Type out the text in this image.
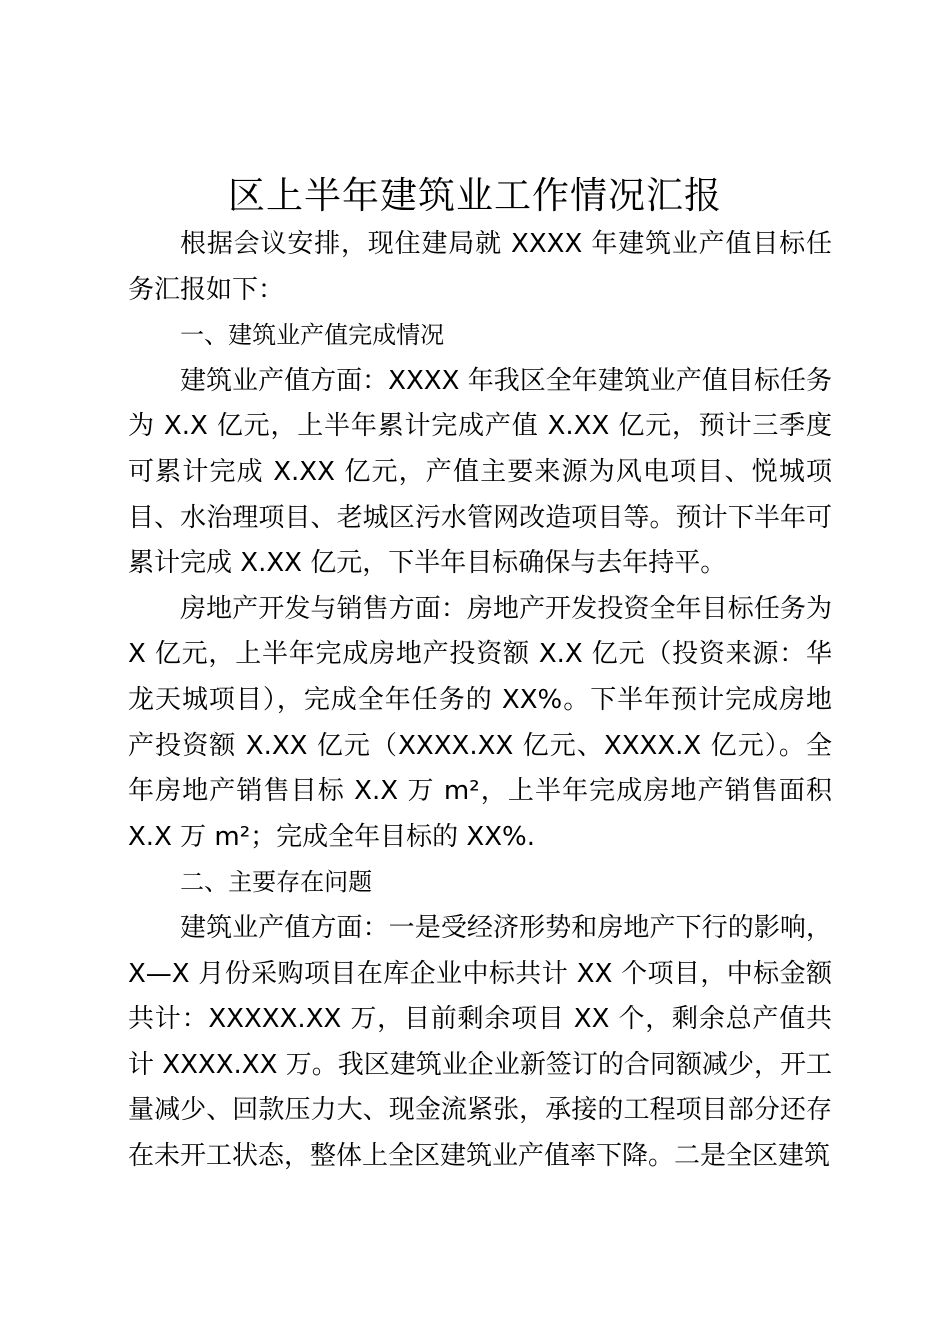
区上半年建筑业工作情况汇报

根据会议安排，现住建局就 XXXX 年建筑业产值目标任务汇报如下：

一、建筑业产值完成情况

建筑业产值方面：XXXX 年我区全年建筑业产值目标任务为 X.X 亿元，上半年累计完成产值 X.XX 亿元，预计三季度可累计完成 X.XX 亿元，产值主要来源为风电项目、悦城项目、水治理项目、老城区污水管网改造项目等。预计下半年可累计完成 X.XX 亿元，下半年目标确保与去年持平。

房地产开发与销售方面：房地产开发投资全年目标任务为 X 亿元，上半年完成房地产投资额 X.X 亿元（投资来源：华龙天城项目），完成全年任务的 XX%。下半年预计完成房地产投资额 X.XX 亿元（XXXX.XX 亿元、XXXX.X 亿元）。全年房地产销售目标 X.X 万 m²，上半年完成房地产销售面积 X.X 万 m²；完成全年目标的 XX%.

二、主要存在问题

建筑业产值方面：一是受经济形势和房地产下行的影响，X—X 月份采购项目在库企业中标共计 XX 个项目，中标金额共计：XXXXX.XX 万，目前剩余项目 XX 个，剩余总产值共计 XXXX.XX 万。我区建筑业企业新签订的合同额减少，开工量减少、回款压力大、现金流紧张，承接的工程项目部分还存在未开工状态，整体上全区建筑业产值率下降。二是全区建筑
